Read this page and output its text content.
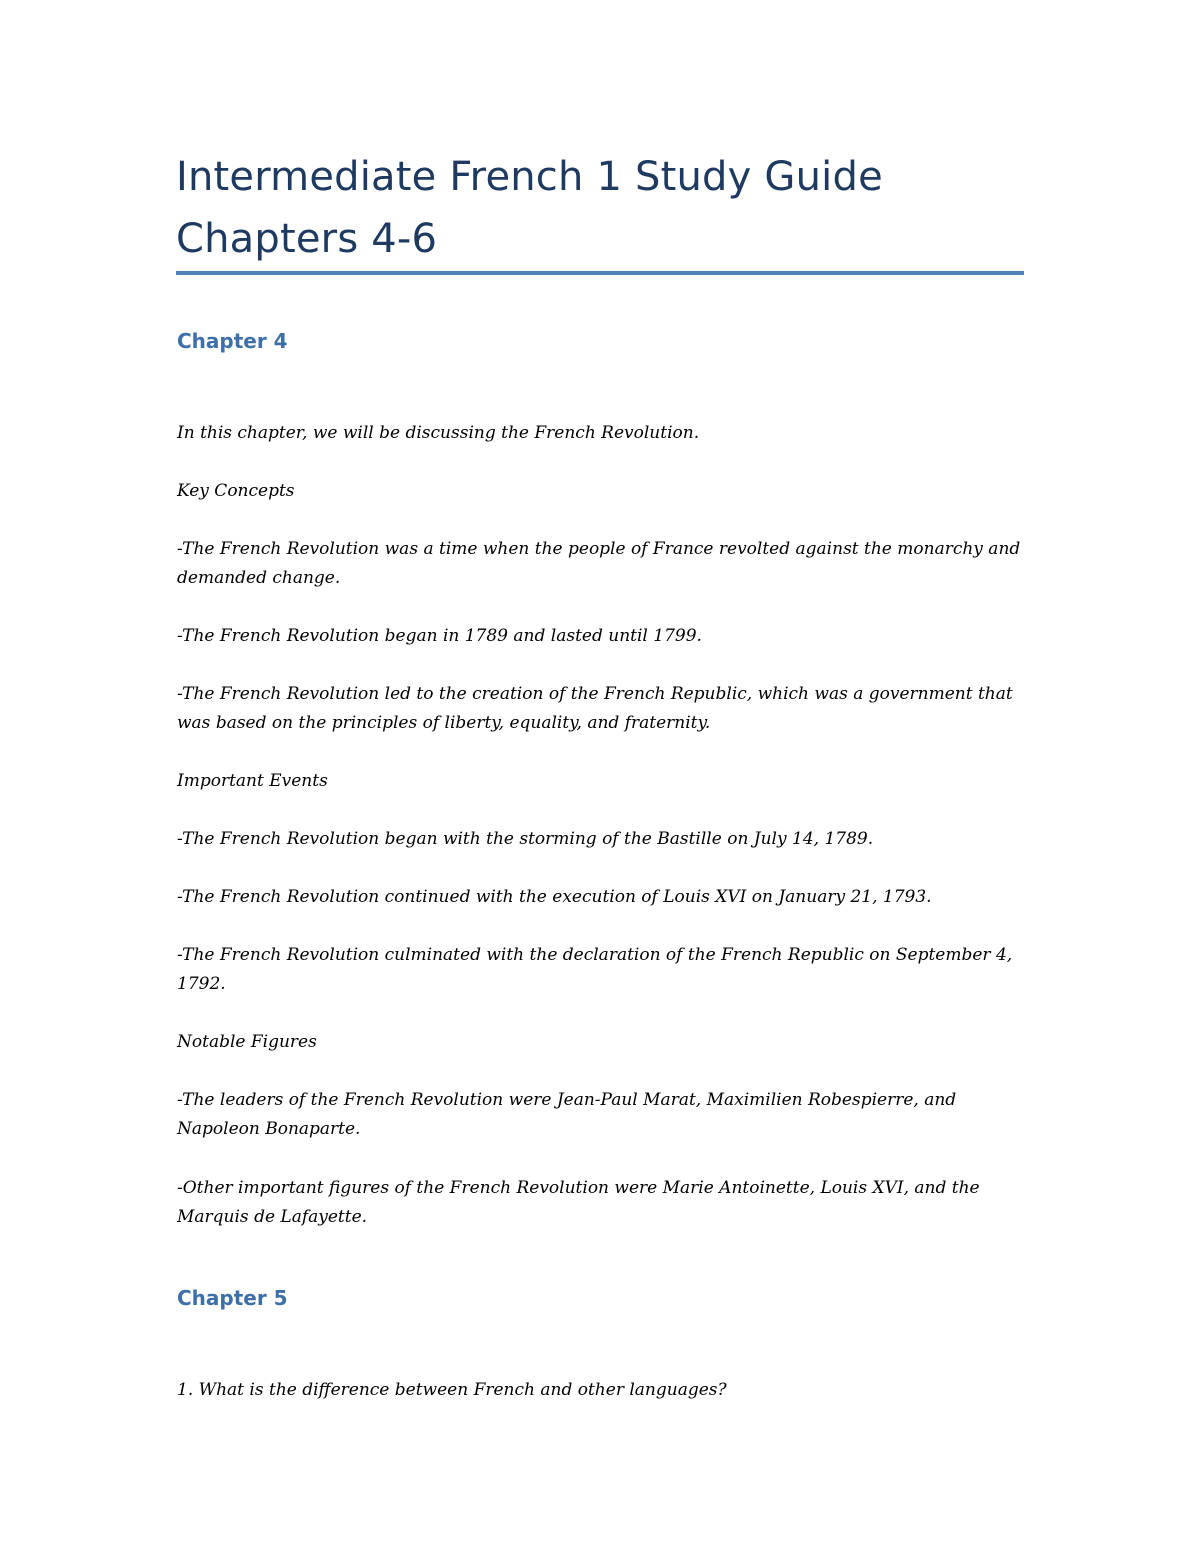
Intermediate French 1 Study Guide
Chapters 4-6
Chapter 4

In this chapter, we will be discussing the French Revolution.

Key Concepts

-The French Revolution was a time when the people of France revolted against the monarchy and demanded change.

-The French Revolution began in 1789 and lasted until 1799.

-The French Revolution led to the creation of the French Republic, which was a government that was based on the principles of liberty, equality, and fraternity.

Important Events

-The French Revolution began with the storming of the Bastille on July 14, 1789.

-The French Revolution continued with the execution of Louis XVI on January 21, 1793.

-The French Revolution culminated with the declaration of the French Republic on September 4, 1792.

Notable Figures

-The leaders of the French Revolution were Jean-Paul Marat, Maximilien Robespierre, and Napoleon Bonaparte.

-Other important figures of the French Revolution were Marie Antoinette, Louis XVI, and the Marquis de Lafayette.

Chapter 5

1. What is the difference between French and other languages?
